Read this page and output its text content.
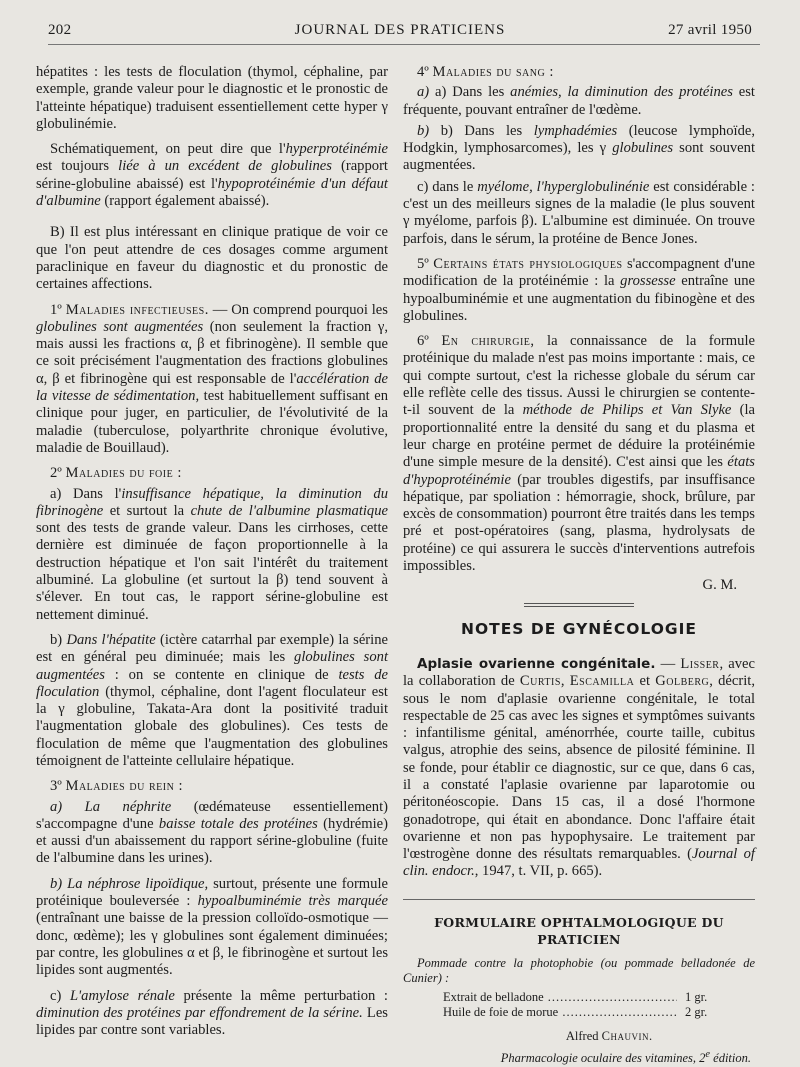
202	JOURNAL DES PRATICIENS	27 avril 1950

hépatites : les tests de floculation (thymol, céphaline, par exemple, grande valeur pour le diagnostic et le pronostic de l'atteinte hépatique) traduisent essentiellement cette hyper γ globulinémie.

Schématiquement, on peut dire que l'hyperprotéinémie est toujours liée à un excédent de globulines (rapport sérine-globuline abaissé) est l'hypoprotéinémie d'un défaut d'albumine (rapport également abaissé).

B) Il est plus intéressant en clinique pratique de voir ce que l'on peut attendre de ces dosages comme argument paraclinique en faveur du diagnostic et du pronostic de certaines affections.

1º Maladies infectieuses. — On comprend pourquoi les globulines sont augmentées (non seulement la fraction γ, mais aussi les fractions α, β et fibrinogène). Il semble que ce soit précisément l'augmentation des fractions globulines α, β et fibrinogène qui est responsable de l'accélération de la vitesse de sédimentation, test habituellement suffisant en clinique pour juger, en particulier, de l'évolutivité de la maladie (tuberculose, polyarthrite chronique évolutive, maladie de Bouillaud).

2º Maladies du foie :

a) Dans l'insuffisance hépatique, la diminution du fibrinogène et surtout la chute de l'albumine plasmatique sont des tests de grande valeur. Dans les cirrhoses, cette dernière est diminuée de façon proportionnelle à la destruction hépatique et l'on sait l'intérêt du traitement albuminé. La globuline (et surtout la β) tend souvent à s'élever. En tout cas, le rapport sérine-globuline est nettement diminué.

b) Dans l'hépatite (ictère catarrhal par exemple) la sérine est en général peu diminuée; mais les globulines sont augmentées : on se contente en clinique de tests de floculation (thymol, céphaline, dont l'agent floculateur est la γ globuline, Takata-Ara dont la positivité traduit l'augmentation globale des globulines). Ces tests de floculation de même que l'augmentation des globulines témoignent de l'atteinte cellulaire hépatique.

3º Maladies du rein :

a) La néphrite (œdémateuse essentiellement) s'accompagne d'une baisse totale des protéines (hydrémie) et aussi d'un abaissement du rapport sérine-globuline (fuite de l'albumine dans les urines).

b) La néphrose lipoïdique, surtout, présente une formule protéinique bouleversée : hypoalbuminémie très marquée (entraînant une baisse de la pression colloïdo-osmotique — donc, œdème); les γ globulines sont également diminuées; par contre, les globulines α et β, le fibrinogène et surtout les lipides sont augmentés.

c) L'amylose rénale présente la même perturbation : diminution des protéines par effondrement de la sérine. Les lipides par contre sont variables.

4º Maladies du sang :

a) a) Dans les anémies, la diminution des protéines est fréquente, pouvant entraîner de l'œdème.

b) b) Dans les lymphadémies (leucose lymphoïde, Hodgkin, lymphosarcomes), les γ globulines sont souvent augmentées.

c) dans le myélome, l'hyperglobulinénie est considérable : c'est un des meilleurs signes de la maladie (le plus souvent γ myélome, parfois β). L'albumine est diminuée. On trouve parfois, dans le sérum, la protéine de Bence Jones.

5º Certains états physiologiques s'accompagnent d'une modification de la protéinémie : la grossesse entraîne une hypoalbuminémie et une augmentation du fibinogène et des globulines.

6º En chirurgie, la connaissance de la formule protéinique du malade n'est pas moins importante : mais, ce qui compte surtout, c'est la richesse globale du sérum car elle reflète celle des tissus. Aussi le chirurgien se contente-t-il souvent de la méthode de Philips et Van Slyke (la proportionnalité entre la densité du sang et du plasma et leur charge en protéine permet de déduire la protéinémie d'une simple mesure de la densité). C'est ainsi que les états d'hypoprotéinémie (par troubles digestifs, par insuffisance hépatique, par spoliation : hémorragie, shock, brûlure, par excès de consommation) pourront être traités dans les temps pré et post-opératoires (sang, plasma, hydrolysats de protéine) ce qui assurera le succès d'interventions autrefois impossibles.

G. M.

NOTES DE GYNÉCOLOGIE

Aplasie ovarienne congénitale. — Lisser, avec la collaboration de Curtis, Escamilla et Golberg, décrit, sous le nom d'aplasie ovarienne congénitale, le total respectable de 25 cas avec les signes et symptômes suivants : infantilisme génital, aménorrhée, courte taille, cubitus valgus, atrophie des seins, absence de pilosité féminine. Il se fonde, pour établir ce diagnostic, sur ce que, dans 6 cas, il a constaté l'aplasie ovarienne par laparotomie ou péritonéoscopie. Dans 15 cas, il a dosé l'hormone gonadotrope, qui était en abondance. Donc l'affaire était ovarienne et non pas hypophysaire. Le traitement par l'œstrogène donne des résultats remarquables. (Journal of clin. endocr., 1947, t. VII, p. 665).

FORMULAIRE OPHTALMOLOGIQUE DU PRATICIEN

Pommade contre la photophobie (ou pommade belladonée de Cunier) :

Extrait de belladone .....	1 gr.
Huile de foie de morue .....	2 gr.
Alfred Chauvin.
Pharmacologie oculaire des vitamines, 2e édition.
